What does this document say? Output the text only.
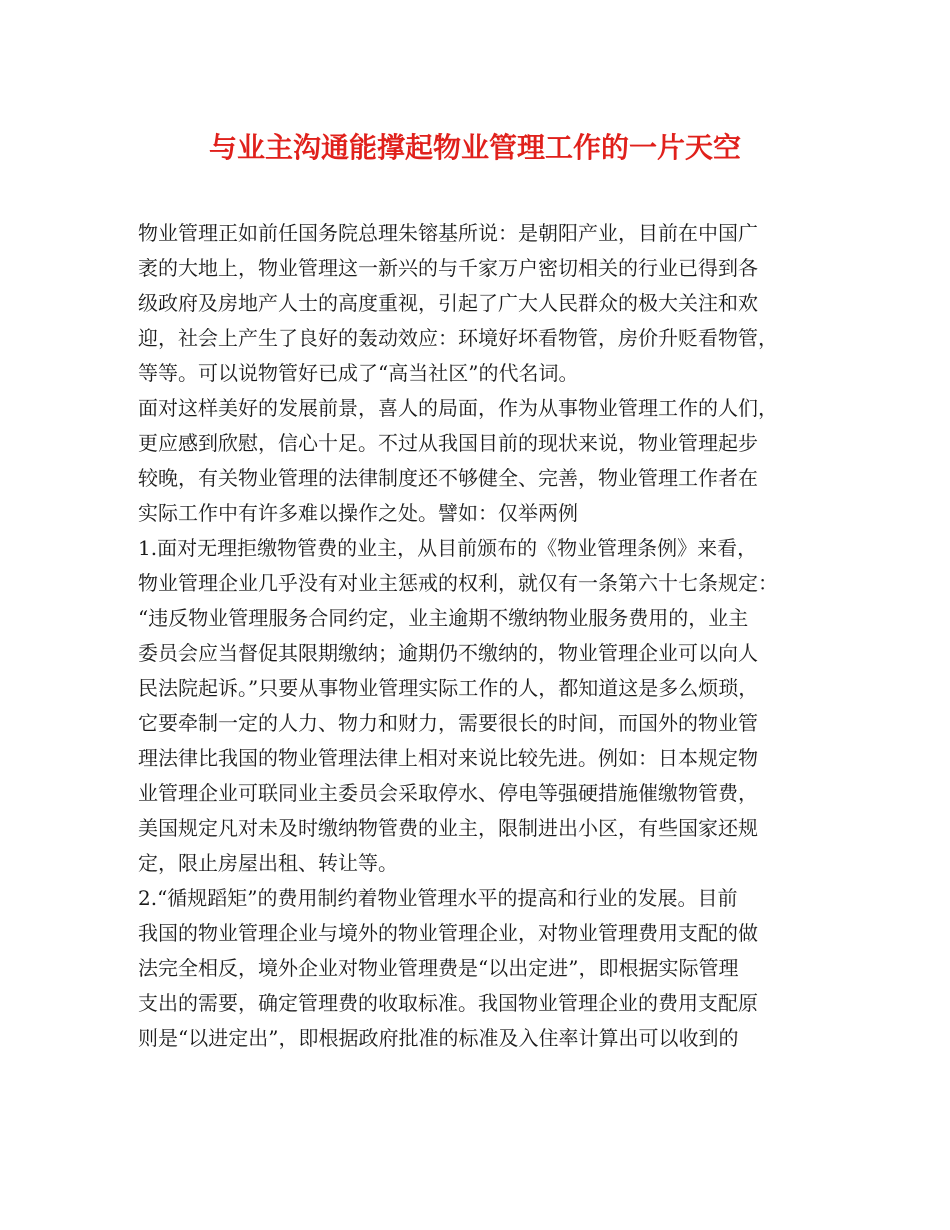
与业主沟通能撑起物业管理工作的一片天空
物业管理正如前任国务院总理朱镕基所说：是朝阳产业，目前在中国广
袤的大地上，物业管理这一新兴的与千家万户密切相关的行业已得到各
级政府及房地产人士的高度重视，引起了广大人民群众的极大关注和欢
迎，社会上产生了良好的轰动效应：环境好坏看物管，房价升贬看物管，
等等。可以说物管好已成了“高当社区”的代名词。
面对这样美好的发展前景，喜人的局面，作为从事物业管理工作的人们，
更应感到欣慰，信心十足。不过从我国目前的现状来说，物业管理起步
较晚，有关物业管理的法律制度还不够健全、完善，物业管理工作者在
实际工作中有许多难以操作之处。譬如：仅举两例
1.面对无理拒缴物管费的业主，从目前颁布的《物业管理条例》来看，
物业管理企业几乎没有对业主惩戒的权利，就仅有一条第六十七条规定：
“违反物业管理服务合同约定，业主逾期不缴纳物业服务费用的，业主
委员会应当督促其限期缴纳；逾期仍不缴纳的，物业管理企业可以向人
民法院起诉。”只要从事物业管理实际工作的人，都知道这是多么烦琐，
它要牵制一定的人力、物力和财力，需要很长的时间，而国外的物业管
理法律比我国的物业管理法律上相对来说比较先进。例如：日本规定物
业管理企业可联同业主委员会采取停水、停电等强硬措施催缴物管费，
美国规定凡对未及时缴纳物管费的业主，限制进出小区，有些国家还规
定，限止房屋出租、转让等。
2.“循规蹈矩”的费用制约着物业管理水平的提高和行业的发展。目前
我国的物业管理企业与境外的物业管理企业，对物业管理费用支配的做
法完全相反，境外企业对物业管理费是“以出定进”，即根据实际管理
支出的需要，确定管理费的收取标准。我国物业管理企业的费用支配原
则是“以进定出”，即根据政府批准的标准及入住率计算出可以收到的
